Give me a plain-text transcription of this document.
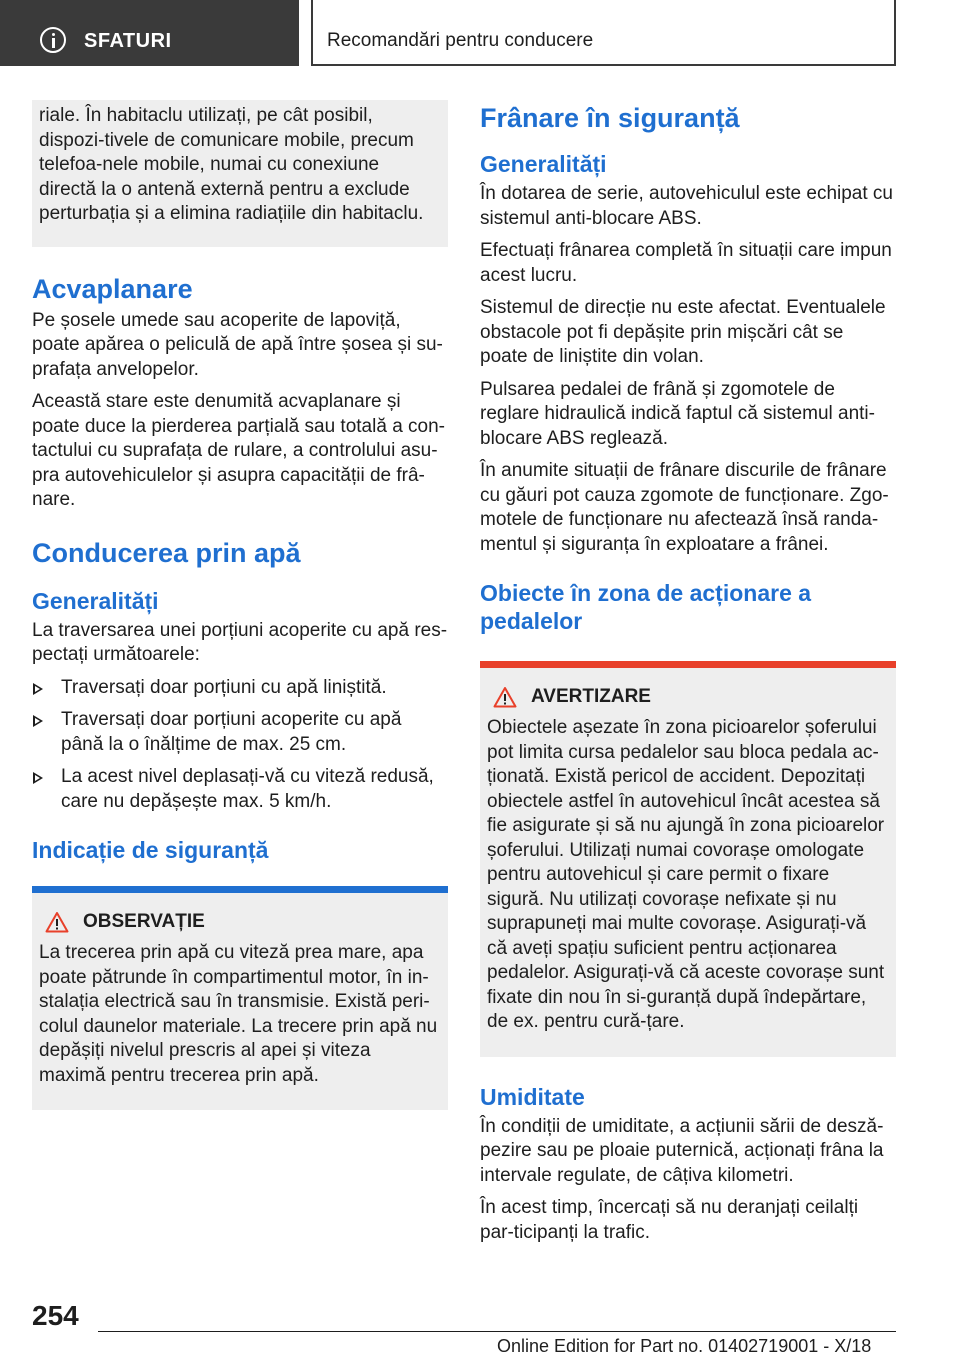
SFATURI	Recomandări pentru conducere

riale. În habitaclu utilizați, pe cât posibil, dispozi-tivele de comunicare mobile, precum telefoa-nele mobile, numai cu conexiune directă la o antenă externă pentru a exclude perturbația și a elimina radiațiile din habitaclu.

Acvaplanare

Pe șosele umede sau acoperite de lapoviță, poate apărea o peliculă de apă între șosea și su-prafața anvelopelor.

Această stare este denumită acvaplanare și poate duce la pierderea parțială sau totală a con-tactului cu suprafața de rulare, a controlului asu-pra autovehiculelor și asupra capacității de frâ-nare.

Conducerea prin apă
Generalități

La traversarea unei porțiuni acoperite cu apă res-pectați următoarele:

Traversați doar porțiuni cu apă liniștită.
Traversați doar porțiuni acoperite cu apă până la o înălțime de max. 25 cm.
La acest nivel deplasați-vă cu viteză redusă, care nu depășește max. 5 km/h.
Indicație de siguranță
OBSERVAȚIE

La trecerea prin apă cu viteză prea mare, apa poate pătrunde în compartimentul motor, în in-stalația electrică sau în transmisie. Există peri-colul daunelor materiale. La trecere prin apă nu depășiți nivelul prescris al apei și viteza maximă pentru trecerea prin apă.

Frânare în siguranță
Generalități

În dotarea de serie, autovehiculul este echipat cu sistemul anti-blocare ABS.

Efectuați frânarea completă în situații care impun acest lucru.

Sistemul de direcție nu este afectat. Eventualele obstacole pot fi depășite prin mișcări cât se poate de liniștite din volan.

Pulsarea pedalei de frână și zgomotele de reglare hidraulică indică faptul că sistemul anti-blocare ABS reglează.

În anumite situații de frânare discurile de frânare cu găuri pot cauza zgomote de funcționare. Zgo-motele de funcționare nu afectează însă randa-mentul și siguranța în exploatare a frânei.

Obiecte în zona de acționare a pedalelor
AVERTIZARE

Obiectele așezate în zona picioarelor șoferului pot limita cursa pedalelor sau bloca pedala ac-ționată. Există pericol de accident. Depozitați obiectele astfel în autovehicul încât acestea să fie asigurate și să nu ajungă în zona picioarelor șoferului. Utilizați numai covorașe omologate pentru autovehicul și care permit o fixare sigură. Nu utilizați covorașe nefixate și nu suprapuneți mai multe covorașe. Asigurați-vă că aveți spațiu suficient pentru acționarea pedalelor. Asigurați-vă că aceste covorașe sunt fixate din nou în si-guranță după îndepărtare, de ex. pentru cură-țare.

Umiditate

În condiții de umiditate, a acțiunii sării de desză-pezire sau pe ploaie puternică, acționați frâna la intervale regulate, de câțiva kilometri.

În acest timp, încercați să nu deranjați ceilalți par-ticipanți la trafic.

254
Online Edition for Part no. 01402719001 - X/18
